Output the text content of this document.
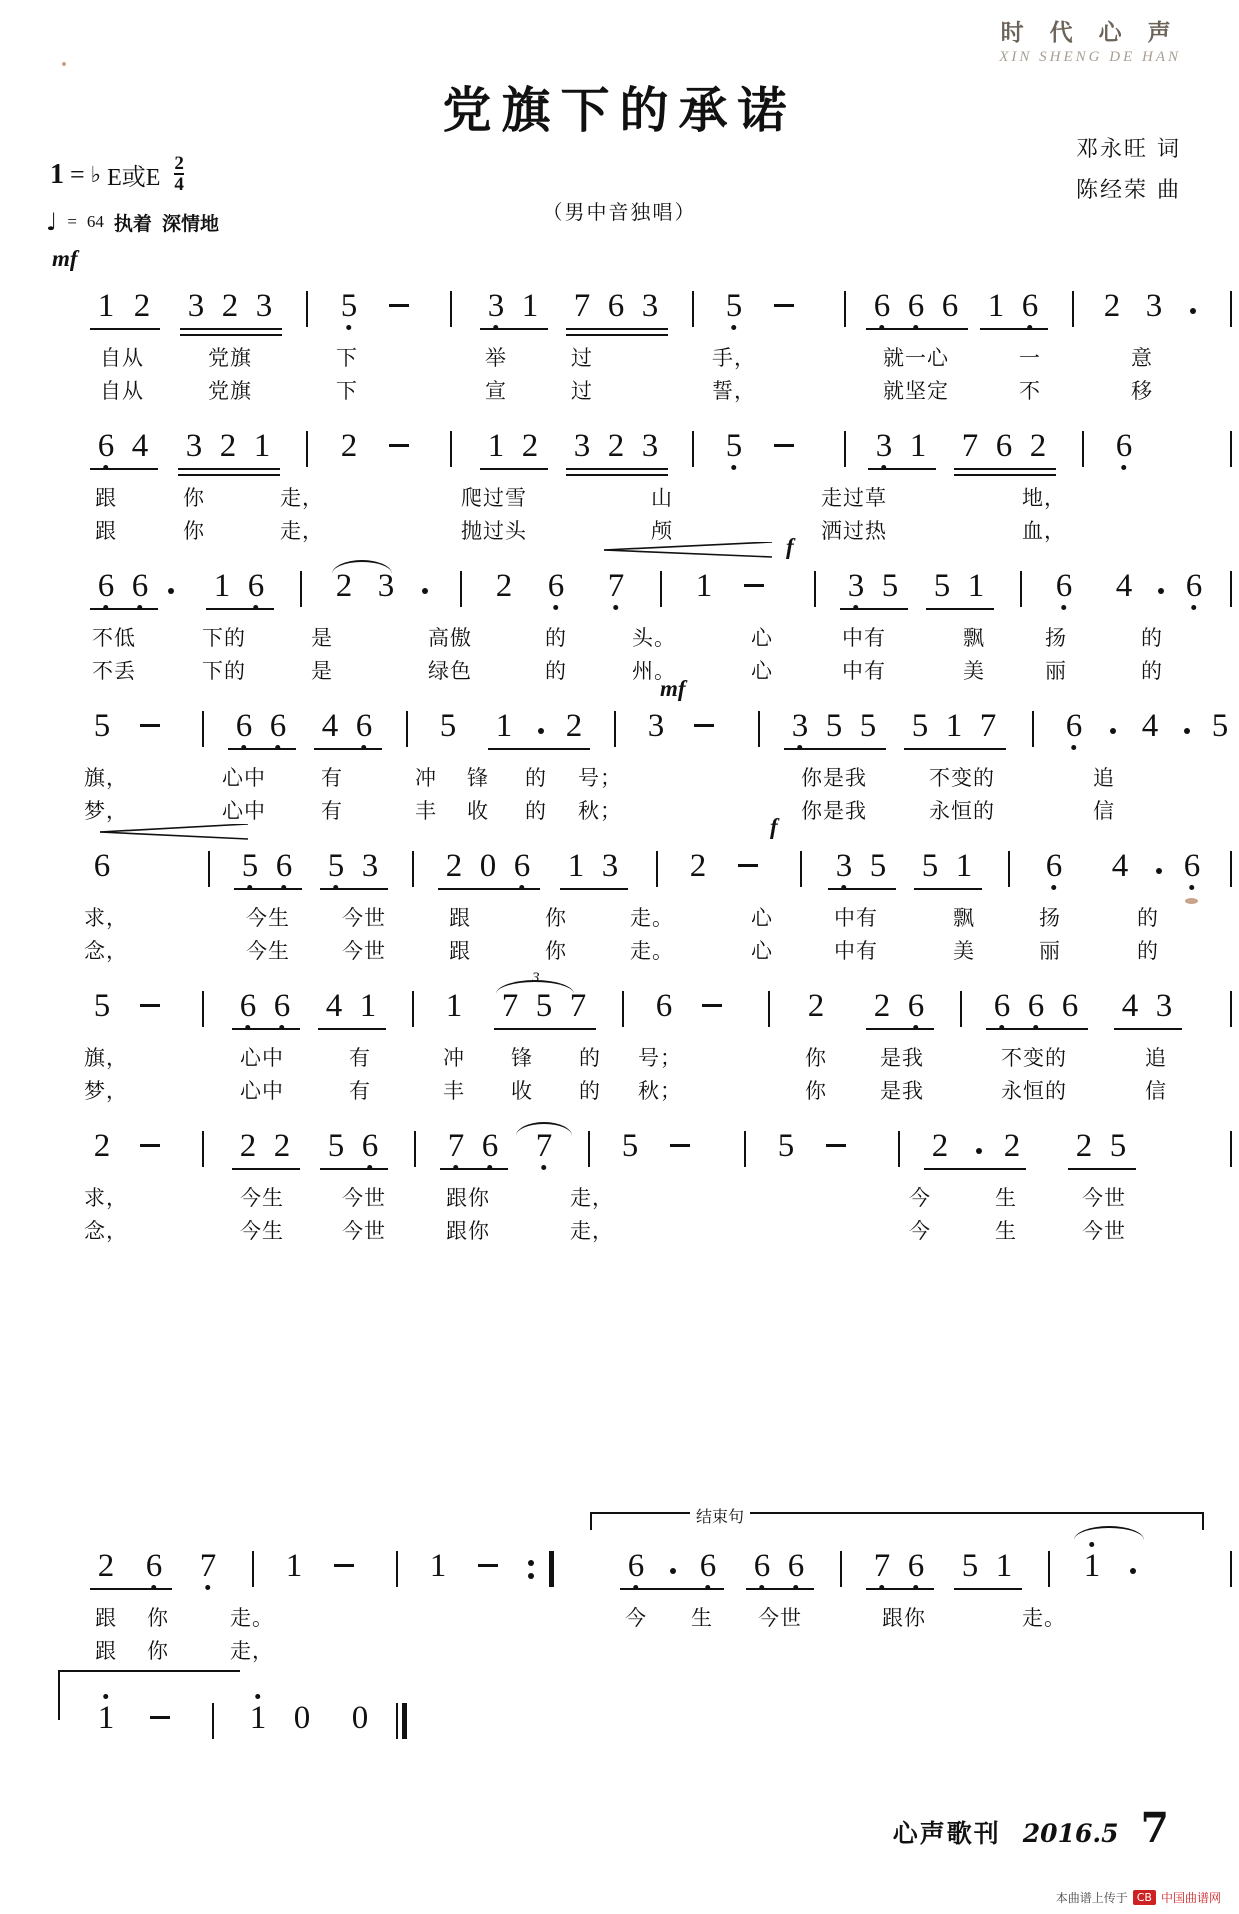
时 代 心 声
XIN SHENG DE HAN
党旗下的承诺
（男中音独唱）
1 = ♭ E或E $\frac{2}{4}$
♩ = 64 执着 深情地
邓永旺 词
陈经荣 曲
mf
1 2 3 2 3 5	3 1 7 6 3 5	6 6 6 1 6 2 3
自从	党旗	下	举	过	手，	就一心	一	意
自从	党旗	下	宣	过	誓，	就坚定	不	移
6 4 3 2 1 2	1 2 3 2 3 5	3 1 7 6 2 6
跟	你	走，	爬过雪	山	走过草	地，
跟	你	走，	抛过头	颅	洒过热	血，
f
6 6 1 6 2 3	2 6 7 1	3 5 5 1 6 4 6
不低	下的	是	高傲	的	头。	心	中有	飘	扬	的
不丢	下的	是	绿色	的	州。	心	中有	美	丽	的
mf
5	6 6 4 6 5 1 2 3	3 5 5 5 1 7 6 4 5
旗，	心中	有	冲 锋 的 号；	你是我	不变的	追
梦，	心中	有	丰 收 的 秋；	你是我	永恒的	信
f
6	5 6 5 3 2 0 6 1 3 2	3 5 5 1 6 4 6
求，	今生 今世	跟	你	走。	心	中有	飘	扬	的
念，	今生 今世	跟	你	走。	心	中有	美	丽	的
3
5	6 6 4 1 1 7 5 7 6	2 2 6 6 6 6 4 3
旗，	心中	有	冲 锋 的 号；	你	是我	不变的	追
梦，	心中	有	丰 收 的 秋；	你	是我	永恒的	信
2	2 2 5 6 7 6 7 5	5	2 2 2 5
求，	今生	今世	跟你	走，	今	生	今世
念，	今生	今世	跟你	走，	今	生	今世
结束句
2 6 7 1	1	6 6 6 6 7 6 5 1 1
跟 你	走。	今 生 今世	跟你	走。
跟 你	走，
1	1 0 0
心声歌刊 2016.5 7
本曲谱上传于 CB 中国曲谱网
